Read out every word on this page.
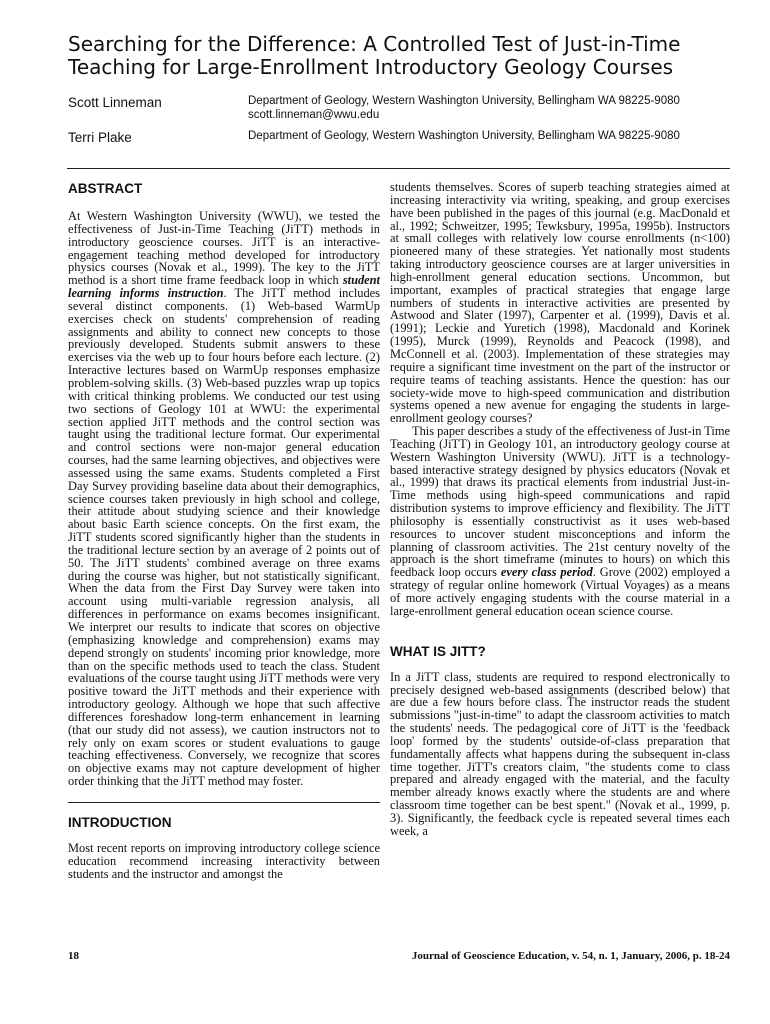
Searching for the Difference: A Controlled Test of Just-in-Time Teaching for Large-Enrollment Introductory Geology Courses
Scott Linneman	Department of Geology, Western Washington University, Bellingham WA 98225-9080 scott.linneman@wwu.edu
Terri Plake	Department of Geology, Western Washington University, Bellingham WA 98225-9080
ABSTRACT

At Western Washington University (WWU), we tested the effectiveness of Just-in-Time Teaching (JiTT) methods in introductory geoscience courses. JiTT is an interactive-engagement teaching method developed for introductory physics courses (Novak et al., 1999). The key to the JiTT method is a short time frame feedback loop in which student learning informs instruction. The JiTT method includes several distinct components. (1) Web-based WarmUp exercises check on students' comprehension of reading assignments and ability to connect new concepts to those previously developed. Students submit answers to these exercises via the web up to four hours before each lecture. (2) Interactive lectures based on WarmUp responses emphasize problem-solving skills. (3) Web-based puzzles wrap up topics with critical thinking problems. We conducted our test using two sections of Geology 101 at WWU: the experimental section applied JiTT methods and the control section was taught using the traditional lecture format. Our experimental and control sections were non-major general education courses, had the same learning objectives, and objectives were assessed using the same exams. Students completed a First Day Survey providing baseline data about their demographics, science courses taken previously in high school and college, their attitude about studying science and their knowledge about basic Earth science concepts. On the first exam, the JiTT students scored significantly higher than the students in the traditional lecture section by an average of 2 points out of 50. The JiTT students' combined average on three exams during the course was higher, but not statistically significant. When the data from the First Day Survey were taken into account using multi-variable regression analysis, all differences in performance on exams becomes insignificant. We interpret our results to indicate that scores on objective (emphasizing knowledge and comprehension) exams may depend strongly on students' incoming prior knowledge, more than on the specific methods used to teach the class. Student evaluations of the course taught using JiTT methods were very positive toward the JiTT methods and their experience with introductory geology. Although we hope that such affective differences foreshadow long-term enhancement in learning (that our study did not assess), we caution instructors not to rely only on exam scores or student evaluations to gauge teaching effectiveness. Conversely, we recognize that scores on objective exams may not capture development of higher order thinking that the JiTT method may foster.

INTRODUCTION

Most recent reports on improving introductory college science education recommend increasing interactivity between students and the instructor and amongst the

students themselves. Scores of superb teaching strategies aimed at increasing interactivity via writing, speaking, and group exercises have been published in the pages of this journal (e.g. MacDonald et al., 1992; Schweitzer, 1995; Tewksbury, 1995a, 1995b). Instructors at small colleges with relatively low course enrollments (n<100) pioneered many of these strategies. Yet nationally most students taking introductory geoscience courses are at larger universities in high-enrollment general education sections. Uncommon, but important, examples of practical strategies that engage large numbers of students in interactive activities are presented by Astwood and Slater (1997), Carpenter et al. (1999), Davis et al. (1991); Leckie and Yuretich (1998), Macdonald and Korinek (1995), Murck (1999), Reynolds and Peacock (1998), and McConnell et al. (2003). Implementation of these strategies may require a significant time investment on the part of the instructor or require teams of teaching assistants. Hence the question: has our society-wide move to high-speed communication and distribution systems opened a new avenue for engaging the students in large-enrollment geology courses?

This paper describes a study of the effectiveness of Just-in Time Teaching (JiTT) in Geology 101, an introductory geology course at Western Washington University (WWU). JiTT is a technology-based interactive strategy designed by physics educators (Novak et al., 1999) that draws its practical elements from industrial Just-in-Time methods using high-speed communications and rapid distribution systems to improve efficiency and flexibility. The JiTT philosophy is essentially constructivist as it uses web-based resources to uncover student misconceptions and inform the planning of classroom activities. The 21st century novelty of the approach is the short timeframe (minutes to hours) on which this feedback loop occurs every class period. Grove (2002) employed a strategy of regular online homework (Virtual Voyages) as a means of more actively engaging students with the course material in a large-enrollment general education ocean science course.

WHAT IS JITT?

In a JiTT class, students are required to respond electronically to precisely designed web-based assignments (described below) that are due a few hours before class. The instructor reads the student submissions "just-in-time" to adapt the classroom activities to match the students' needs. The pedagogical core of JiTT is the 'feedback loop' formed by the students' outside-of-class preparation that fundamentally affects what happens during the subsequent in-class time together. JiTT's creators claim, "the students come to class prepared and already engaged with the material, and the faculty member already knows exactly where the students are and where classroom time together can be best spent." (Novak et al., 1999, p. 3). Significantly, the feedback cycle is repeated several times each week, a

18	Journal of Geoscience Education, v. 54, n. 1, January, 2006, p. 18-24
